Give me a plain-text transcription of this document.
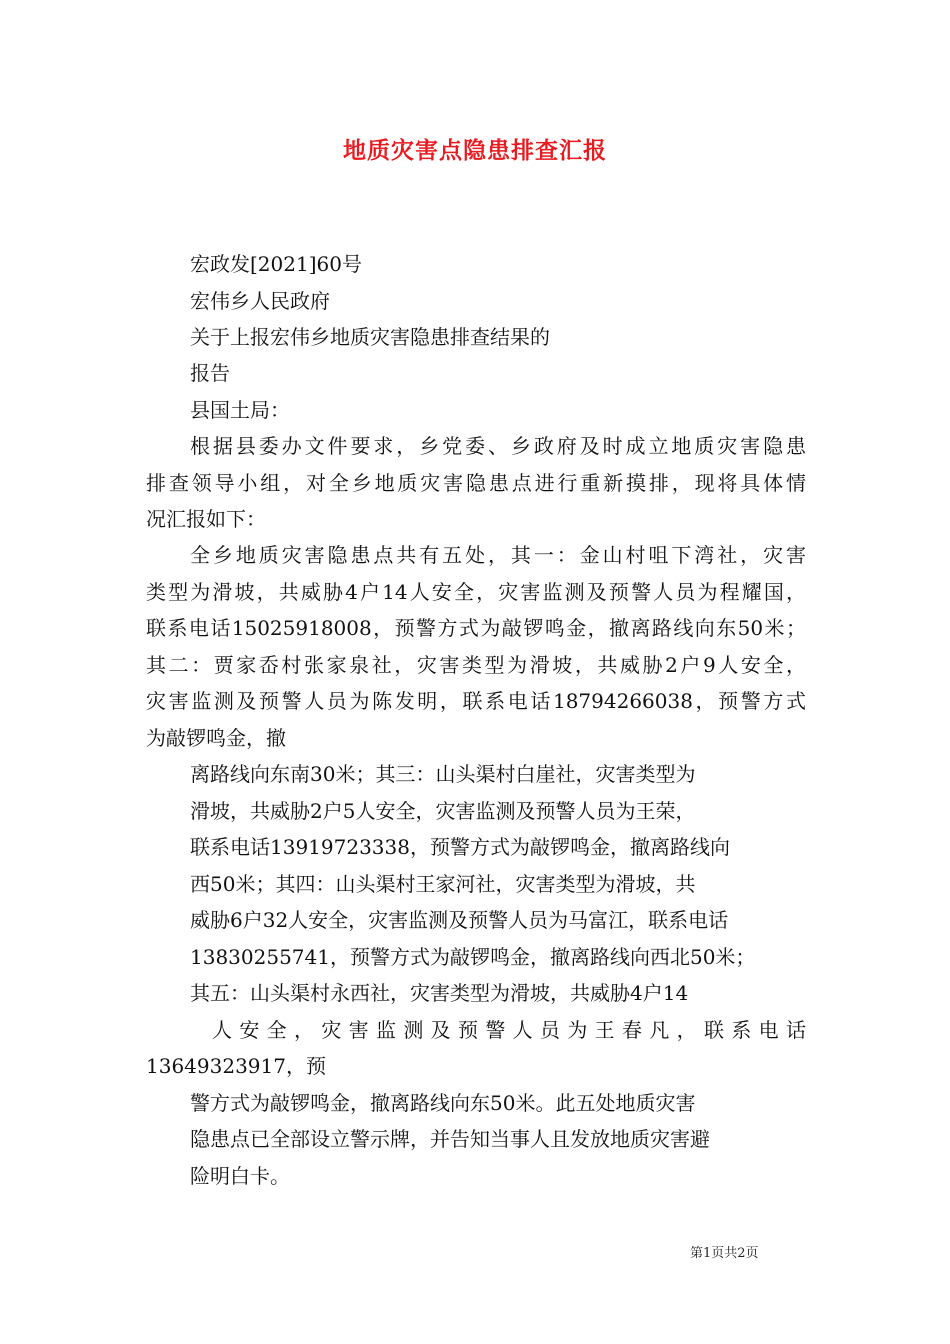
地质灾害点隐患排查汇报
宏政发[2021]60号
宏伟乡人民政府
关于上报宏伟乡地质灾害隐患排查结果的
报告
县国土局：
根据县委办文件要求，乡党委、乡政府及时成立地质灾害隐患
排查领导小组，对全乡地质灾害隐患点进行重新摸排，现将具体情
况汇报如下：
全乡地质灾害隐患点共有五处，其一：金山村咀下湾社，灾害
类型为滑坡，共威胁4户14人安全，灾害监测及预警人员为程耀国，
联系电话15025918008，预警方式为敲锣鸣金，撤离路线向东50米；
其二：贾家岙村张家泉社，灾害类型为滑坡，共威胁2户9人安全，
灾害监测及预警人员为陈发明，联系电话18794266038，预警方式
为敲锣鸣金，撤
离路线向东南30米；其三：山头渠村白崖社，灾害类型为
滑坡，共威胁2户5人安全，灾害监测及预警人员为王荣，
联系电话13919723338，预警方式为敲锣鸣金，撤离路线向
西50米；其四：山头渠村王家河社，灾害类型为滑坡，共
威胁6户32人安全，灾害监测及预警人员为马富江，联系电话
13830255741，预警方式为敲锣鸣金，撤离路线向西北50米；
其五：山头渠村永西社，灾害类型为滑坡，共威胁4户14
人安全，灾害监测及预警人员为王春凡，联系电话
13649323917，预
警方式为敲锣鸣金，撤离路线向东50米。此五处地质灾害
隐患点已全部设立警示牌，并告知当事人且发放地质灾害避
险明白卡。
第1页共2页
